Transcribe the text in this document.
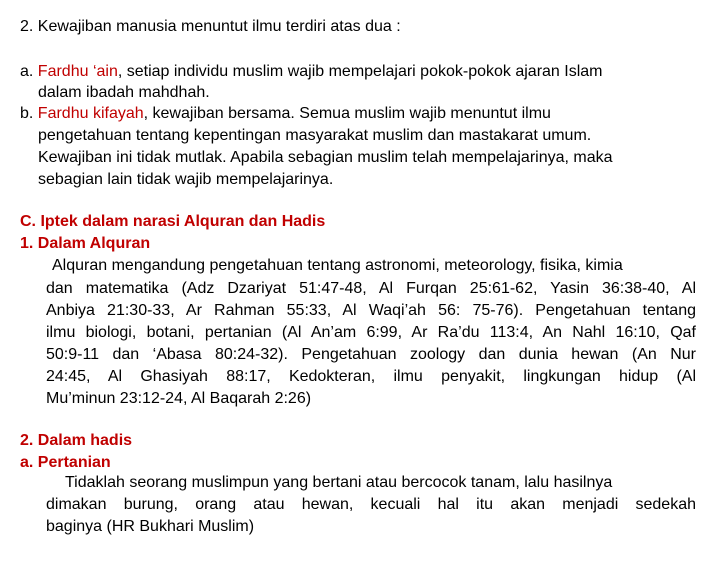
2. Kewajiban manusia menuntut ilmu terdiri atas dua :
a. Fardhu ‘ain, setiap individu muslim wajib mempelajari pokok-pokok ajaran Islam
dalam ibadah mahdhah.
b. Fardhu kifayah, kewajiban bersama. Semua muslim wajib menuntut ilmu
pengetahuan tentang kepentingan masyarakat muslim dan mastakarat umum.
Kewajiban ini tidak mutlak. Apabila sebagian muslim telah mempelajarinya, maka
sebagian lain tidak wajib mempelajarinya.
C. Iptek dalam narasi Alquran dan Hadis
1. Dalam Alquran
Alquran mengandung pengetahuan tentang astronomi, meteorology, fisika, kimia
dan matematika (Adz Dzariyat 51:47-48, Al Furqan 25:61-62, Yasin 36:38-40, Al
Anbiya 21:30-33, Ar Rahman 55:33, Al Waqi’ah 56: 75-76). Pengetahuan tentang
ilmu biologi, botani, pertanian (Al An’am 6:99, Ar Ra’du 113:4, An Nahl 16:10, Qaf
50:9-11 dan ‘Abasa 80:24-32). Pengetahuan zoology dan dunia hewan (An Nur
24:45, Al Ghasiyah 88:17, Kedokteran, ilmu penyakit, lingkungan hidup (Al
Mu’minun 23:12-24, Al Baqarah 2:26)
2. Dalam hadis
a. Pertanian
Tidaklah seorang muslimpun yang bertani atau bercocok tanam, lalu hasilnya
dimakan burung, orang atau hewan, kecuali hal itu akan menjadi sedekah
baginya (HR Bukhari Muslim)
